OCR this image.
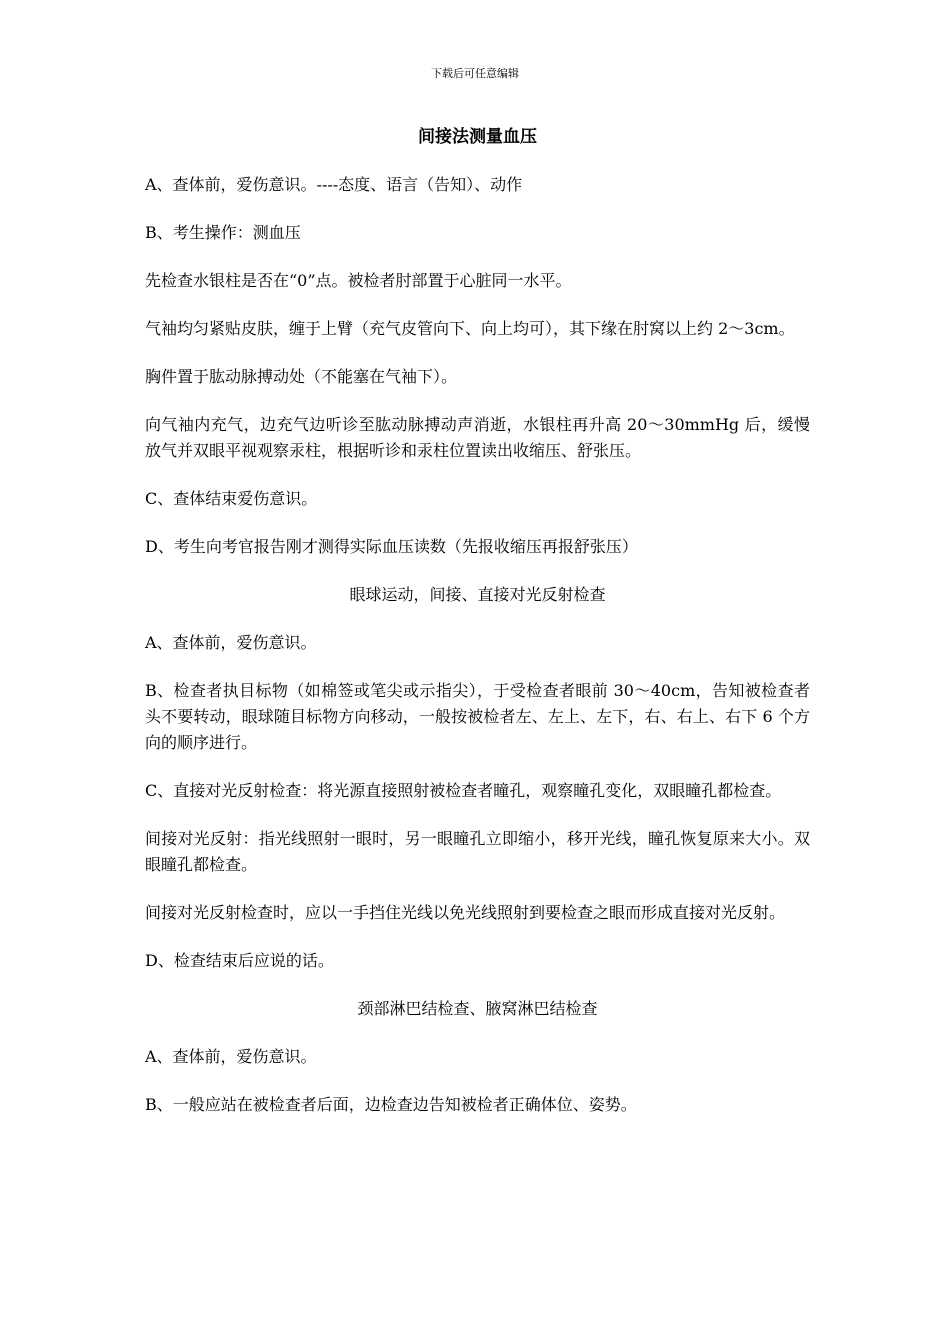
下载后可任意编辑
间接法测量血压

A、查体前，爱伤意识。----态度、语言（告知）、动作

B、考生操作：测血压

先检查水银柱是否在“0”点。被检者肘部置于心脏同一水平。

气袖均匀紧贴皮肤，缠于上臂（充气皮管向下、向上均可），其下缘在肘窝以上约 2～3cm。

胸件置于肱动脉搏动处（不能塞在气袖下）。

向气袖内充气，边充气边听诊至肱动脉搏动声消逝，水银柱再升高 20～30mmHg 后，缓慢放气并双眼平视观察汞柱，根据听诊和汞柱位置读出收缩压、舒张压。

C、查体结束爱伤意识。

D、考生向考官报告刚才测得实际血压读数（先报收缩压再报舒张压）

眼球运动，间接、直接对光反射检查

A、查体前，爱伤意识。

B、检查者执目标物（如棉签或笔尖或示指尖），于受检查者眼前 30～40cm，告知被检查者头不要转动，眼球随目标物方向移动，一般按被检者左、左上、左下，右、右上、右下 6 个方向的顺序进行。

C、直接对光反射检查：将光源直接照射被检查者瞳孔，观察瞳孔变化，双眼瞳孔都检查。

间接对光反射：指光线照射一眼时，另一眼瞳孔立即缩小，移开光线，瞳孔恢复原来大小。双眼瞳孔都检查。

间接对光反射检查时，应以一手挡住光线以免光线照射到要检查之眼而形成直接对光反射。

D、检查结束后应说的话。

颈部淋巴结检查、腋窝淋巴结检查

A、查体前，爱伤意识。

B、一般应站在被检查者后面，边检查边告知被检者正确体位、姿势。
